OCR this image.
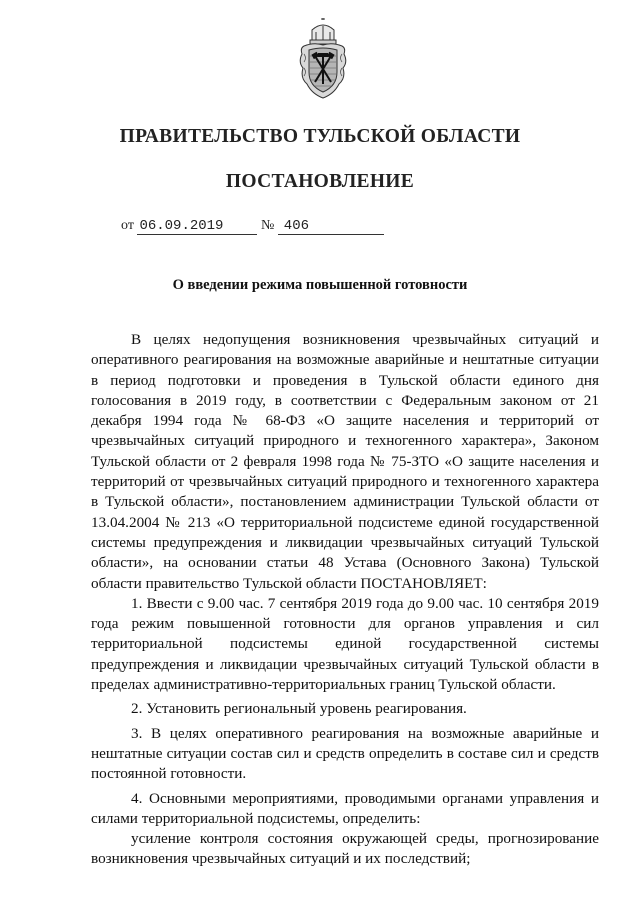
ПРАВИТЕЛЬСТВО ТУЛЬСКОЙ ОБЛАСТИ
ПОСТАНОВЛЕНИЕ
от 06.09.2019	№ 406
О введении режима повышенной готовности

В целях недопущения возникновения чрезвычайных ситуаций и оперативного реагирования на возможные аварийные и нештатные ситуации в период подготовки и проведения в Тульской области единого дня голосования в 2019 году, в соответствии с Федеральным законом от 21 декабря 1994 года № 68-ФЗ «О защите населения и территорий от чрезвычайных ситуаций природного и техногенного характера», Законом Тульской области от 2 февраля 1998 года № 75-ЗТО «О защите населения и территорий от чрезвычайных ситуаций природного и техногенного характера в Тульской области», постановлением администрации Тульской области от 13.04.2004 № 213 «О территориальной подсистеме единой государственной системы предупреждения и ликвидации чрезвычайных ситуаций Тульской области», на основании статьи 48 Устава (Основного Закона) Тульской области правительство Тульской области ПОСТАНОВЛЯЕТ:

1. Ввести с 9.00 час. 7 сентября 2019 года до 9.00 час. 10 сентября 2019 года режим повышенной готовности для органов управления и сил территориальной подсистемы единой государственной системы предупреждения и ликвидации чрезвычайных ситуаций Тульской области в пределах административно-территориальных границ Тульской области.

2. Установить региональный уровень реагирования.

3. В целях оперативного реагирования на возможные аварийные и нештатные ситуации состав сил и средств определить в составе сил и средств постоянной готовности.

4. Основными мероприятиями, проводимыми органами управления и силами территориальной подсистемы, определить:

усиление контроля состояния окружающей среды, прогнозирование возникновения чрезвычайных ситуаций и их последствий;
